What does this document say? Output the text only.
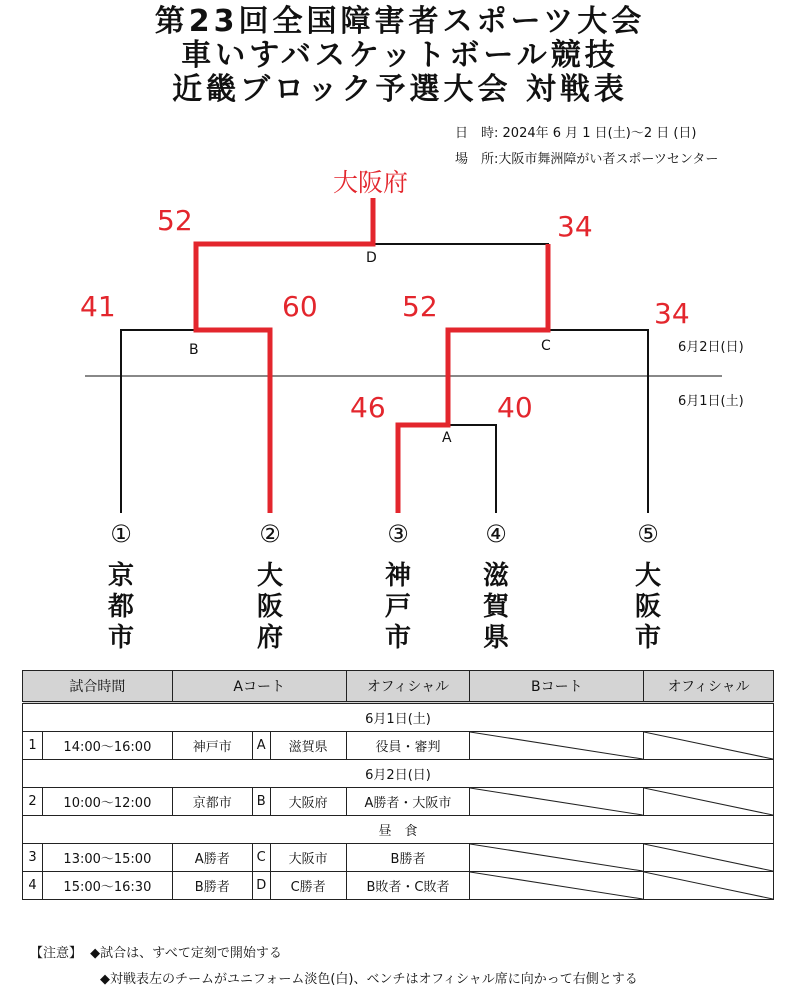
第23回全国障害者スポーツ大会
車いすバスケットボール競技
近畿ブロック予選大会 対戦表
日　時: 2024年 6 月 1 日(土)～2 日 (日)
場　所:大阪市舞洲障がい者スポーツセンター
大阪府
52	34
41	60	52	34
46	40
D
B	C
A
6月2日(日)
6月1日(土)
①	②	③	④	⑤
京
都
市
大
阪
府
神
戸
市
滋
賀
県
大
阪
市
試合時間		Aコート			オフィシャル	Bコート	オフィシャル
6月1日(土)							
1	14:00～16:00	神戸市	A	滋賀県	役員・審判	

6月2日(日)							
2	10:00～12:00	京都市	B	大阪府	A勝者・大阪市	

昼　食							
3	13:00～15:00	A勝者	C	大阪市	B勝者	

4	15:00～16:30	B勝者	D	C勝者	B敗者・C敗者	

【注意】 ◆試合は、すべて定刻で開始する
◆対戦表左のチームがユニフォーム淡色(白)、ベンチはオフィシャル席に向かって右側とする
